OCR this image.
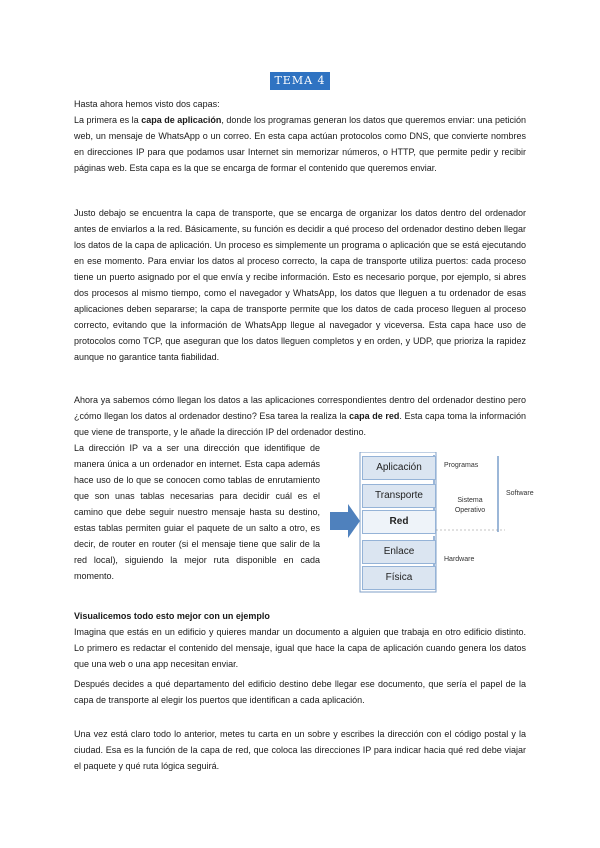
TEMA 4

Hasta ahora hemos visto dos capas:
La primera es la capa de aplicación, donde los programas generan los datos que queremos enviar: una petición web, un mensaje de WhatsApp o un correo. En esta capa actúan protocolos como DNS, que convierte nombres en direcciones IP para que podamos usar Internet sin memorizar números, o HTTP, que permite pedir y recibir páginas web. Esta capa es la que se encarga de formar el contenido que queremos enviar.

Justo debajo se encuentra la capa de transporte, que se encarga de organizar los datos dentro del ordenador antes de enviarlos a la red. Básicamente, su función es decidir a qué proceso del ordenador destino deben llegar los datos de la capa de aplicación. Un proceso es simplemente un programa o aplicación que se está ejecutando en ese momento. Para enviar los datos al proceso correcto, la capa de transporte utiliza puertos: cada proceso tiene un puerto asignado por el que envía y recibe información. Esto es necesario porque, por ejemplo, si abres dos procesos al mismo tiempo, como el navegador y WhatsApp, los datos que lleguen a tu ordenador de esas aplicaciones deben separarse; la capa de transporte permite que los datos de cada proceso lleguen al proceso correcto, evitando que la información de WhatsApp llegue al navegador y viceversa. Esta capa hace uso de protocolos como TCP, que aseguran que los datos lleguen completos y en orden, y UDP, que prioriza la rapidez aunque no garantice tanta fiabilidad.

Ahora ya sabemos cómo llegan los datos a las aplicaciones correspondientes dentro del ordenador destino pero ¿cómo llegan los datos al ordenador destino? Esa tarea la realiza la capa de red. Esta capa toma la información que viene de transporte, y le añade la dirección IP del ordenador destino.

La dirección IP va a ser una dirección que identifique de manera única a un ordenador en internet. Esta capa además hace uso de lo que se conocen como tablas de enrutamiento que son unas tablas necesarias para decidir cuál es el camino que debe seguir nuestro mensaje hasta su destino, estas tablas permiten guiar el paquete de un salto a otro, es decir, de router en router (si el mensaje tiene que salir de la red local), siguiendo la mejor ruta disponible en cada momento.

Aplicación
Transporte
Red
Enlace
Física
Programas
Sistema Operativo
Hardware
Software

Visualicemos todo esto mejor con un ejemplo

Imagina que estás en un edificio y quieres mandar un documento a alguien que trabaja en otro edificio distinto. Lo primero es redactar el contenido del mensaje, igual que hace la capa de aplicación cuando genera los datos que una web o una app necesitan enviar.

Después decides a qué departamento del edificio destino debe llegar ese documento, que sería el papel de la capa de transporte al elegir los puertos que identifican a cada aplicación.

Una vez está claro todo lo anterior, metes tu carta en un sobre y escribes la dirección con el código postal y la ciudad. Esa es la función de la capa de red, que coloca las direcciones IP para indicar hacia qué red debe viajar el paquete y qué ruta lógica seguirá.
